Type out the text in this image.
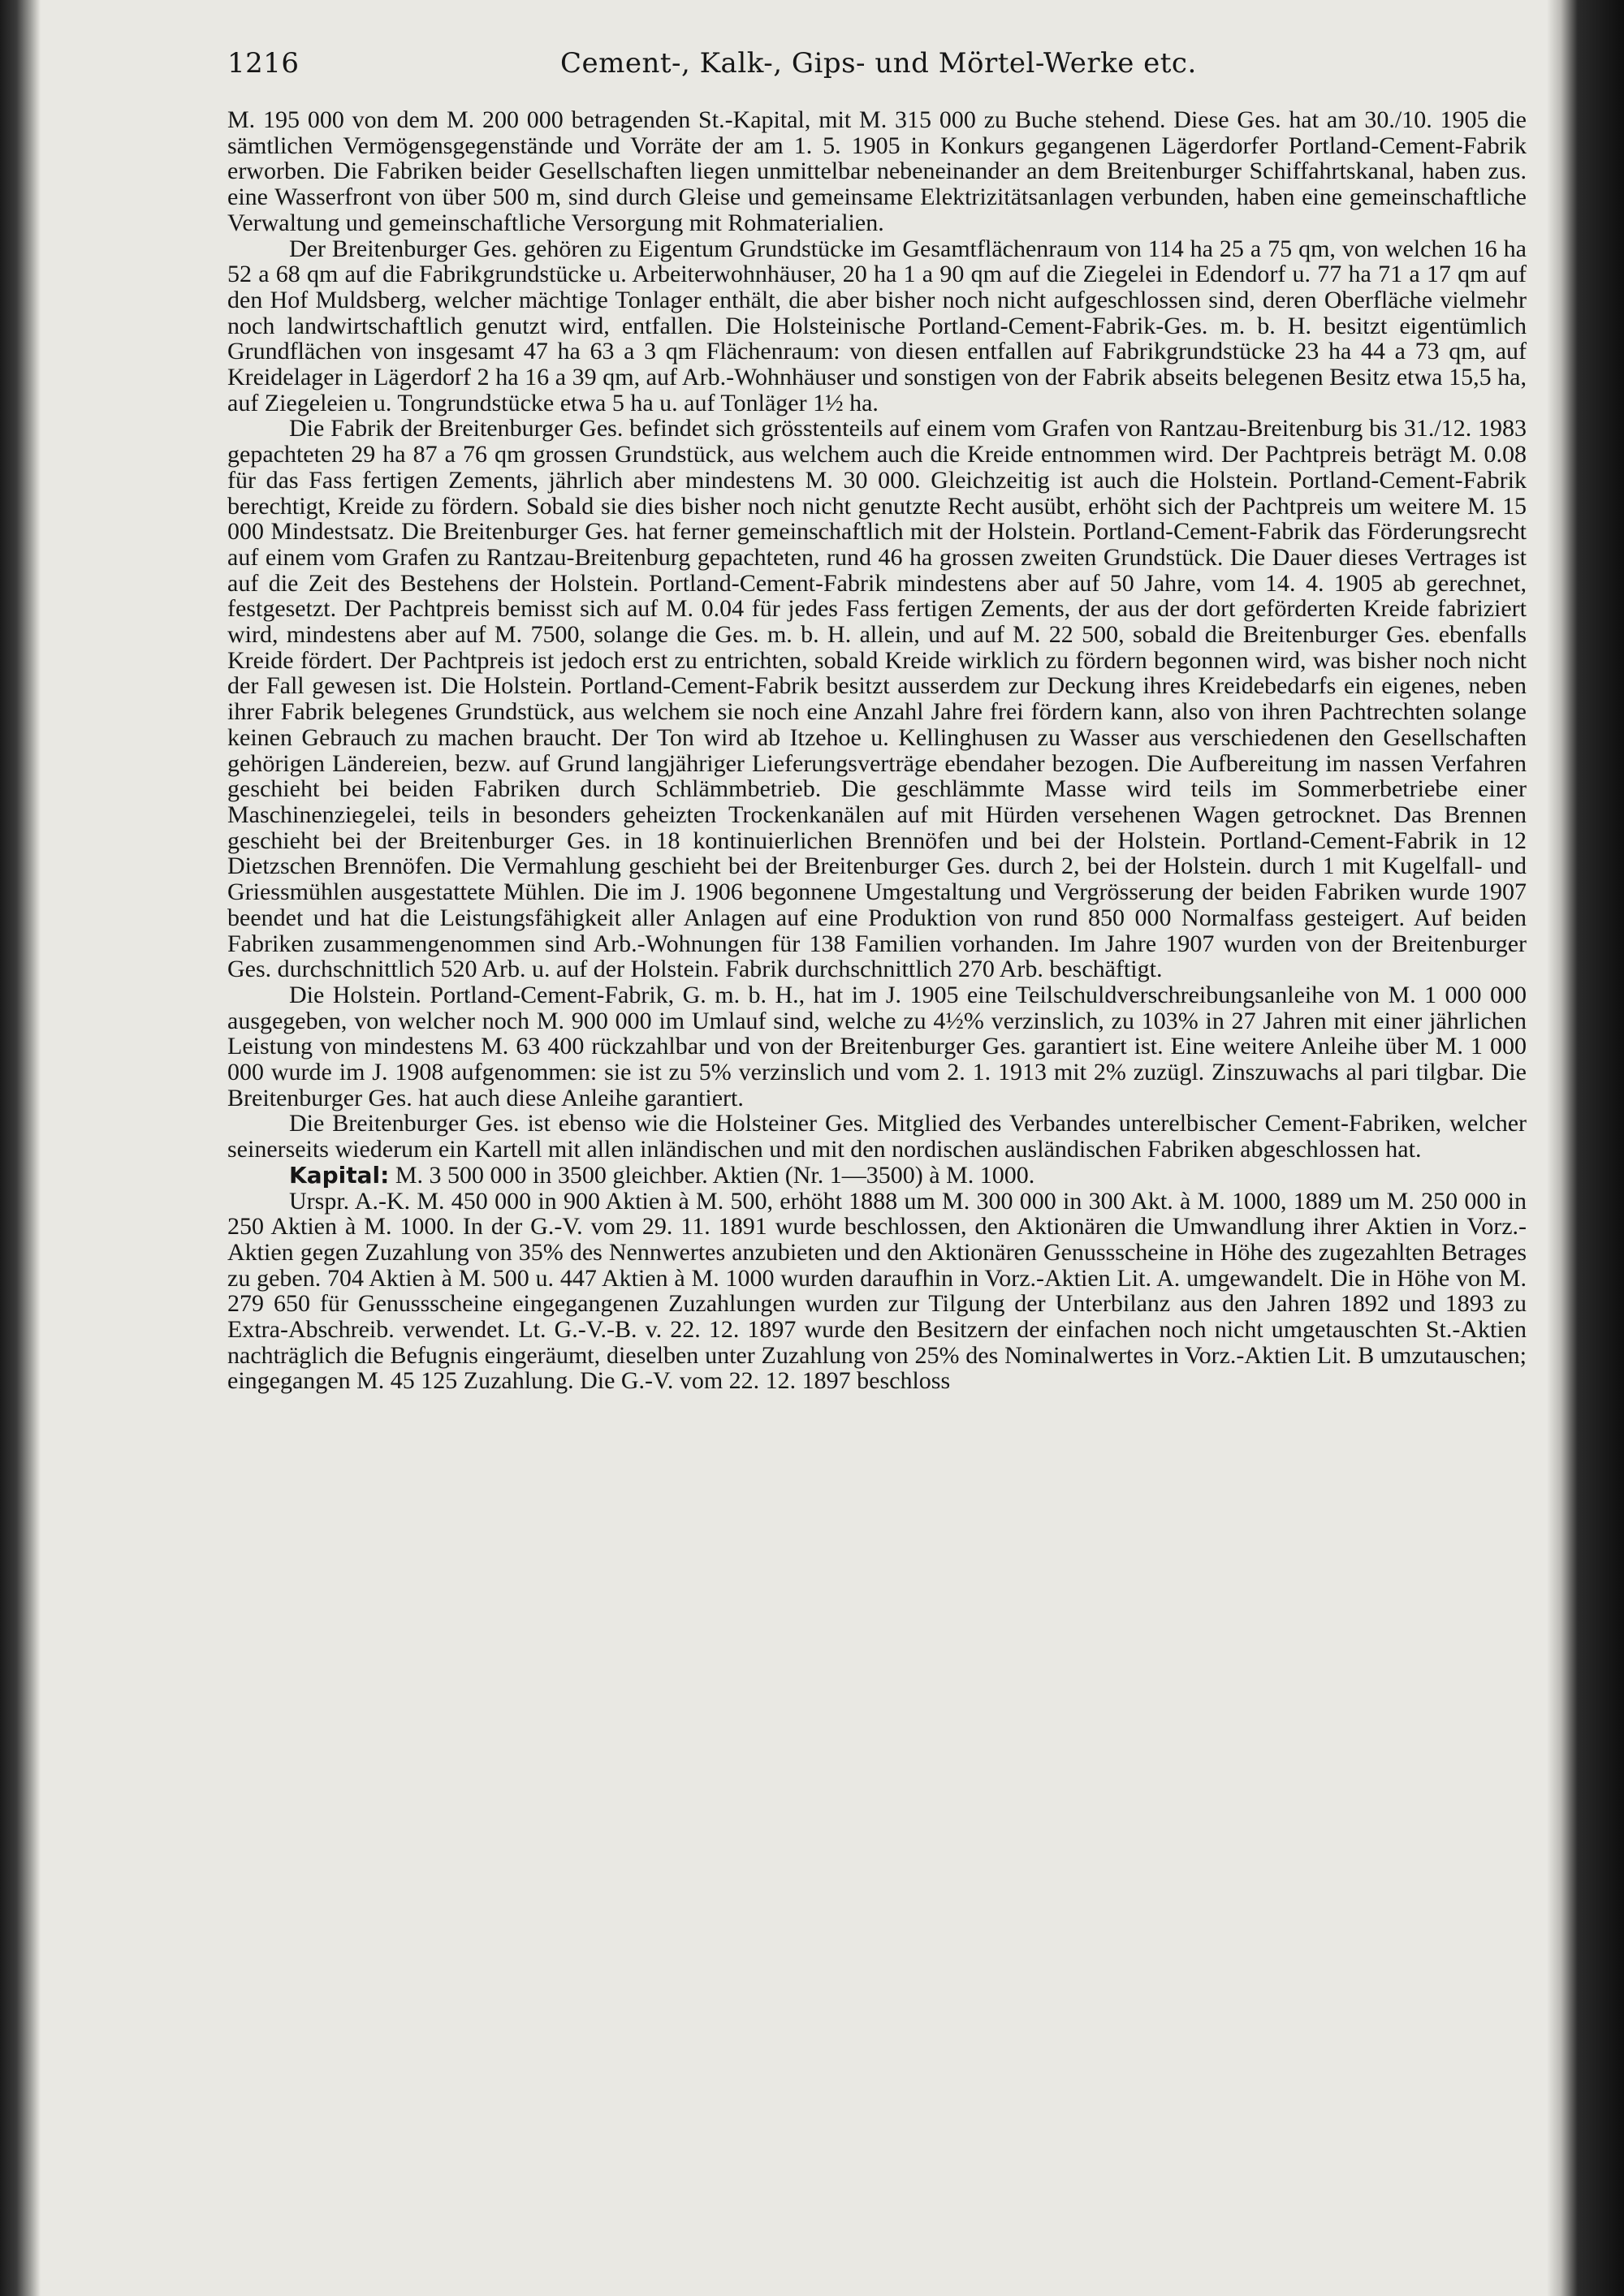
1216	Cement-, Kalk-, Gips- und Mörtel-Werke etc.

M. 195 000 von dem M. 200 000 betragenden St.-Kapital, mit M. 315 000 zu Buche stehend. Diese Ges. hat am 30./10. 1905 die sämtlichen Vermögensgegenstände und Vorräte der am 1. 5. 1905 in Konkurs gegangenen Lägerdorfer Portland-Cement-Fabrik erworben. Die Fabriken beider Gesellschaften liegen unmittelbar nebeneinander an dem Breitenburger Schiffahrtskanal, haben zus. eine Wasserfront von über 500 m, sind durch Gleise und gemeinsame Elektrizitätsanlagen verbunden, haben eine gemeinschaftliche Verwaltung und gemeinschaftliche Versorgung mit Rohmaterialien.

Der Breitenburger Ges. gehören zu Eigentum Grundstücke im Gesamtflächenraum von 114 ha 25 a 75 qm, von welchen 16 ha 52 a 68 qm auf die Fabrikgrundstücke u. Arbeiterwohnhäuser, 20 ha 1 a 90 qm auf die Ziegelei in Edendorf u. 77 ha 71 a 17 qm auf den Hof Muldsberg, welcher mächtige Tonlager enthält, die aber bisher noch nicht aufgeschlossen sind, deren Oberfläche vielmehr noch landwirtschaftlich genutzt wird, entfallen. Die Holsteinische Portland-Cement-Fabrik-Ges. m. b. H. besitzt eigentümlich Grundflächen von insgesamt 47 ha 63 a 3 qm Flächenraum: von diesen entfallen auf Fabrikgrundstücke 23 ha 44 a 73 qm, auf Kreidelager in Lägerdorf 2 ha 16 a 39 qm, auf Arb.-Wohnhäuser und sonstigen von der Fabrik abseits belegenen Besitz etwa 15,5 ha, auf Ziegeleien u. Tongrundstücke etwa 5 ha u. auf Tonläger 1½ ha.

Die Fabrik der Breitenburger Ges. befindet sich grösstenteils auf einem vom Grafen von Rantzau-Breitenburg bis 31./12. 1983 gepachteten 29 ha 87 a 76 qm grossen Grundstück, aus welchem auch die Kreide entnommen wird. Der Pachtpreis beträgt M. 0.08 für das Fass fertigen Zements, jährlich aber mindestens M. 30 000. Gleichzeitig ist auch die Holstein. Portland-Cement-Fabrik berechtigt, Kreide zu fördern. Sobald sie dies bisher noch nicht genutzte Recht ausübt, erhöht sich der Pachtpreis um weitere M. 15 000 Mindestsatz. Die Breitenburger Ges. hat ferner gemeinschaftlich mit der Holstein. Portland-Cement-Fabrik das Förderungsrecht auf einem vom Grafen zu Rantzau-Breitenburg gepachteten, rund 46 ha grossen zweiten Grundstück. Die Dauer dieses Vertrages ist auf die Zeit des Bestehens der Holstein. Portland-Cement-Fabrik mindestens aber auf 50 Jahre, vom 14. 4. 1905 ab gerechnet, festgesetzt. Der Pachtpreis bemisst sich auf M. 0.04 für jedes Fass fertigen Zements, der aus der dort geförderten Kreide fabriziert wird, mindestens aber auf M. 7500, solange die Ges. m. b. H. allein, und auf M. 22 500, sobald die Breitenburger Ges. ebenfalls Kreide fördert. Der Pachtpreis ist jedoch erst zu entrichten, sobald Kreide wirklich zu fördern begonnen wird, was bisher noch nicht der Fall gewesen ist. Die Holstein. Portland-Cement-Fabrik besitzt ausserdem zur Deckung ihres Kreidebedarfs ein eigenes, neben ihrer Fabrik belegenes Grundstück, aus welchem sie noch eine Anzahl Jahre frei fördern kann, also von ihren Pachtrechten solange keinen Gebrauch zu machen braucht. Der Ton wird ab Itzehoe u. Kellinghusen zu Wasser aus verschiedenen den Gesellschaften gehörigen Ländereien, bezw. auf Grund langjähriger Lieferungsverträge ebendaher bezogen. Die Aufbereitung im nassen Verfahren geschieht bei beiden Fabriken durch Schlämmbetrieb. Die geschlämmte Masse wird teils im Sommerbetriebe einer Maschinenziegelei, teils in besonders geheizten Trockenkanälen auf mit Hürden versehenen Wagen getrocknet. Das Brennen geschieht bei der Breitenburger Ges. in 18 kontinuierlichen Brennöfen und bei der Holstein. Portland-Cement-Fabrik in 12 Dietzschen Brennöfen. Die Vermahlung geschieht bei der Breitenburger Ges. durch 2, bei der Holstein. durch 1 mit Kugelfall- und Griessmühlen ausgestattete Mühlen. Die im J. 1906 begonnene Umgestaltung und Vergrösserung der beiden Fabriken wurde 1907 beendet und hat die Leistungsfähigkeit aller Anlagen auf eine Produktion von rund 850 000 Normalfass gesteigert. Auf beiden Fabriken zusammengenommen sind Arb.-Wohnungen für 138 Familien vorhanden. Im Jahre 1907 wurden von der Breitenburger Ges. durchschnittlich 520 Arb. u. auf der Holstein. Fabrik durchschnittlich 270 Arb. beschäftigt.

Die Holstein. Portland-Cement-Fabrik, G. m. b. H., hat im J. 1905 eine Teilschuldverschreibungsanleihe von M. 1 000 000 ausgegeben, von welcher noch M. 900 000 im Umlauf sind, welche zu 4½% verzinslich, zu 103% in 27 Jahren mit einer jährlichen Leistung von mindestens M. 63 400 rückzahlbar und von der Breitenburger Ges. garantiert ist. Eine weitere Anleihe über M. 1 000 000 wurde im J. 1908 aufgenommen: sie ist zu 5% verzinslich und vom 2. 1. 1913 mit 2% zuzügl. Zinszuwachs al pari tilgbar. Die Breitenburger Ges. hat auch diese Anleihe garantiert.

Die Breitenburger Ges. ist ebenso wie die Holsteiner Ges. Mitglied des Verbandes unterelbischer Cement-Fabriken, welcher seinerseits wiederum ein Kartell mit allen inländischen und mit den nordischen ausländischen Fabriken abgeschlossen hat.

Kapital: M. 3 500 000 in 3500 gleichber. Aktien (Nr. 1—3500) à M. 1000.

Urspr. A.-K. M. 450 000 in 900 Aktien à M. 500, erhöht 1888 um M. 300 000 in 300 Akt. à M. 1000, 1889 um M. 250 000 in 250 Aktien à M. 1000. In der G.-V. vom 29. 11. 1891 wurde beschlossen, den Aktionären die Umwandlung ihrer Aktien in Vorz.-Aktien gegen Zuzahlung von 35% des Nennwertes anzubieten und den Aktionären Genussscheine in Höhe des zugezahlten Betrages zu geben. 704 Aktien à M. 500 u. 447 Aktien à M. 1000 wurden daraufhin in Vorz.-Aktien Lit. A. umgewandelt. Die in Höhe von M. 279 650 für Genussscheine eingegangenen Zuzahlungen wurden zur Tilgung der Unterbilanz aus den Jahren 1892 und 1893 zu Extra-Abschreib. verwendet. Lt. G.-V.-B. v. 22. 12. 1897 wurde den Besitzern der einfachen noch nicht umgetauschten St.-Aktien nachträglich die Befugnis eingeräumt, dieselben unter Zuzahlung von 25% des Nominalwertes in Vorz.-Aktien Lit. B umzutauschen; eingegangen M. 45 125 Zuzahlung. Die G.-V. vom 22. 12. 1897 beschloss
